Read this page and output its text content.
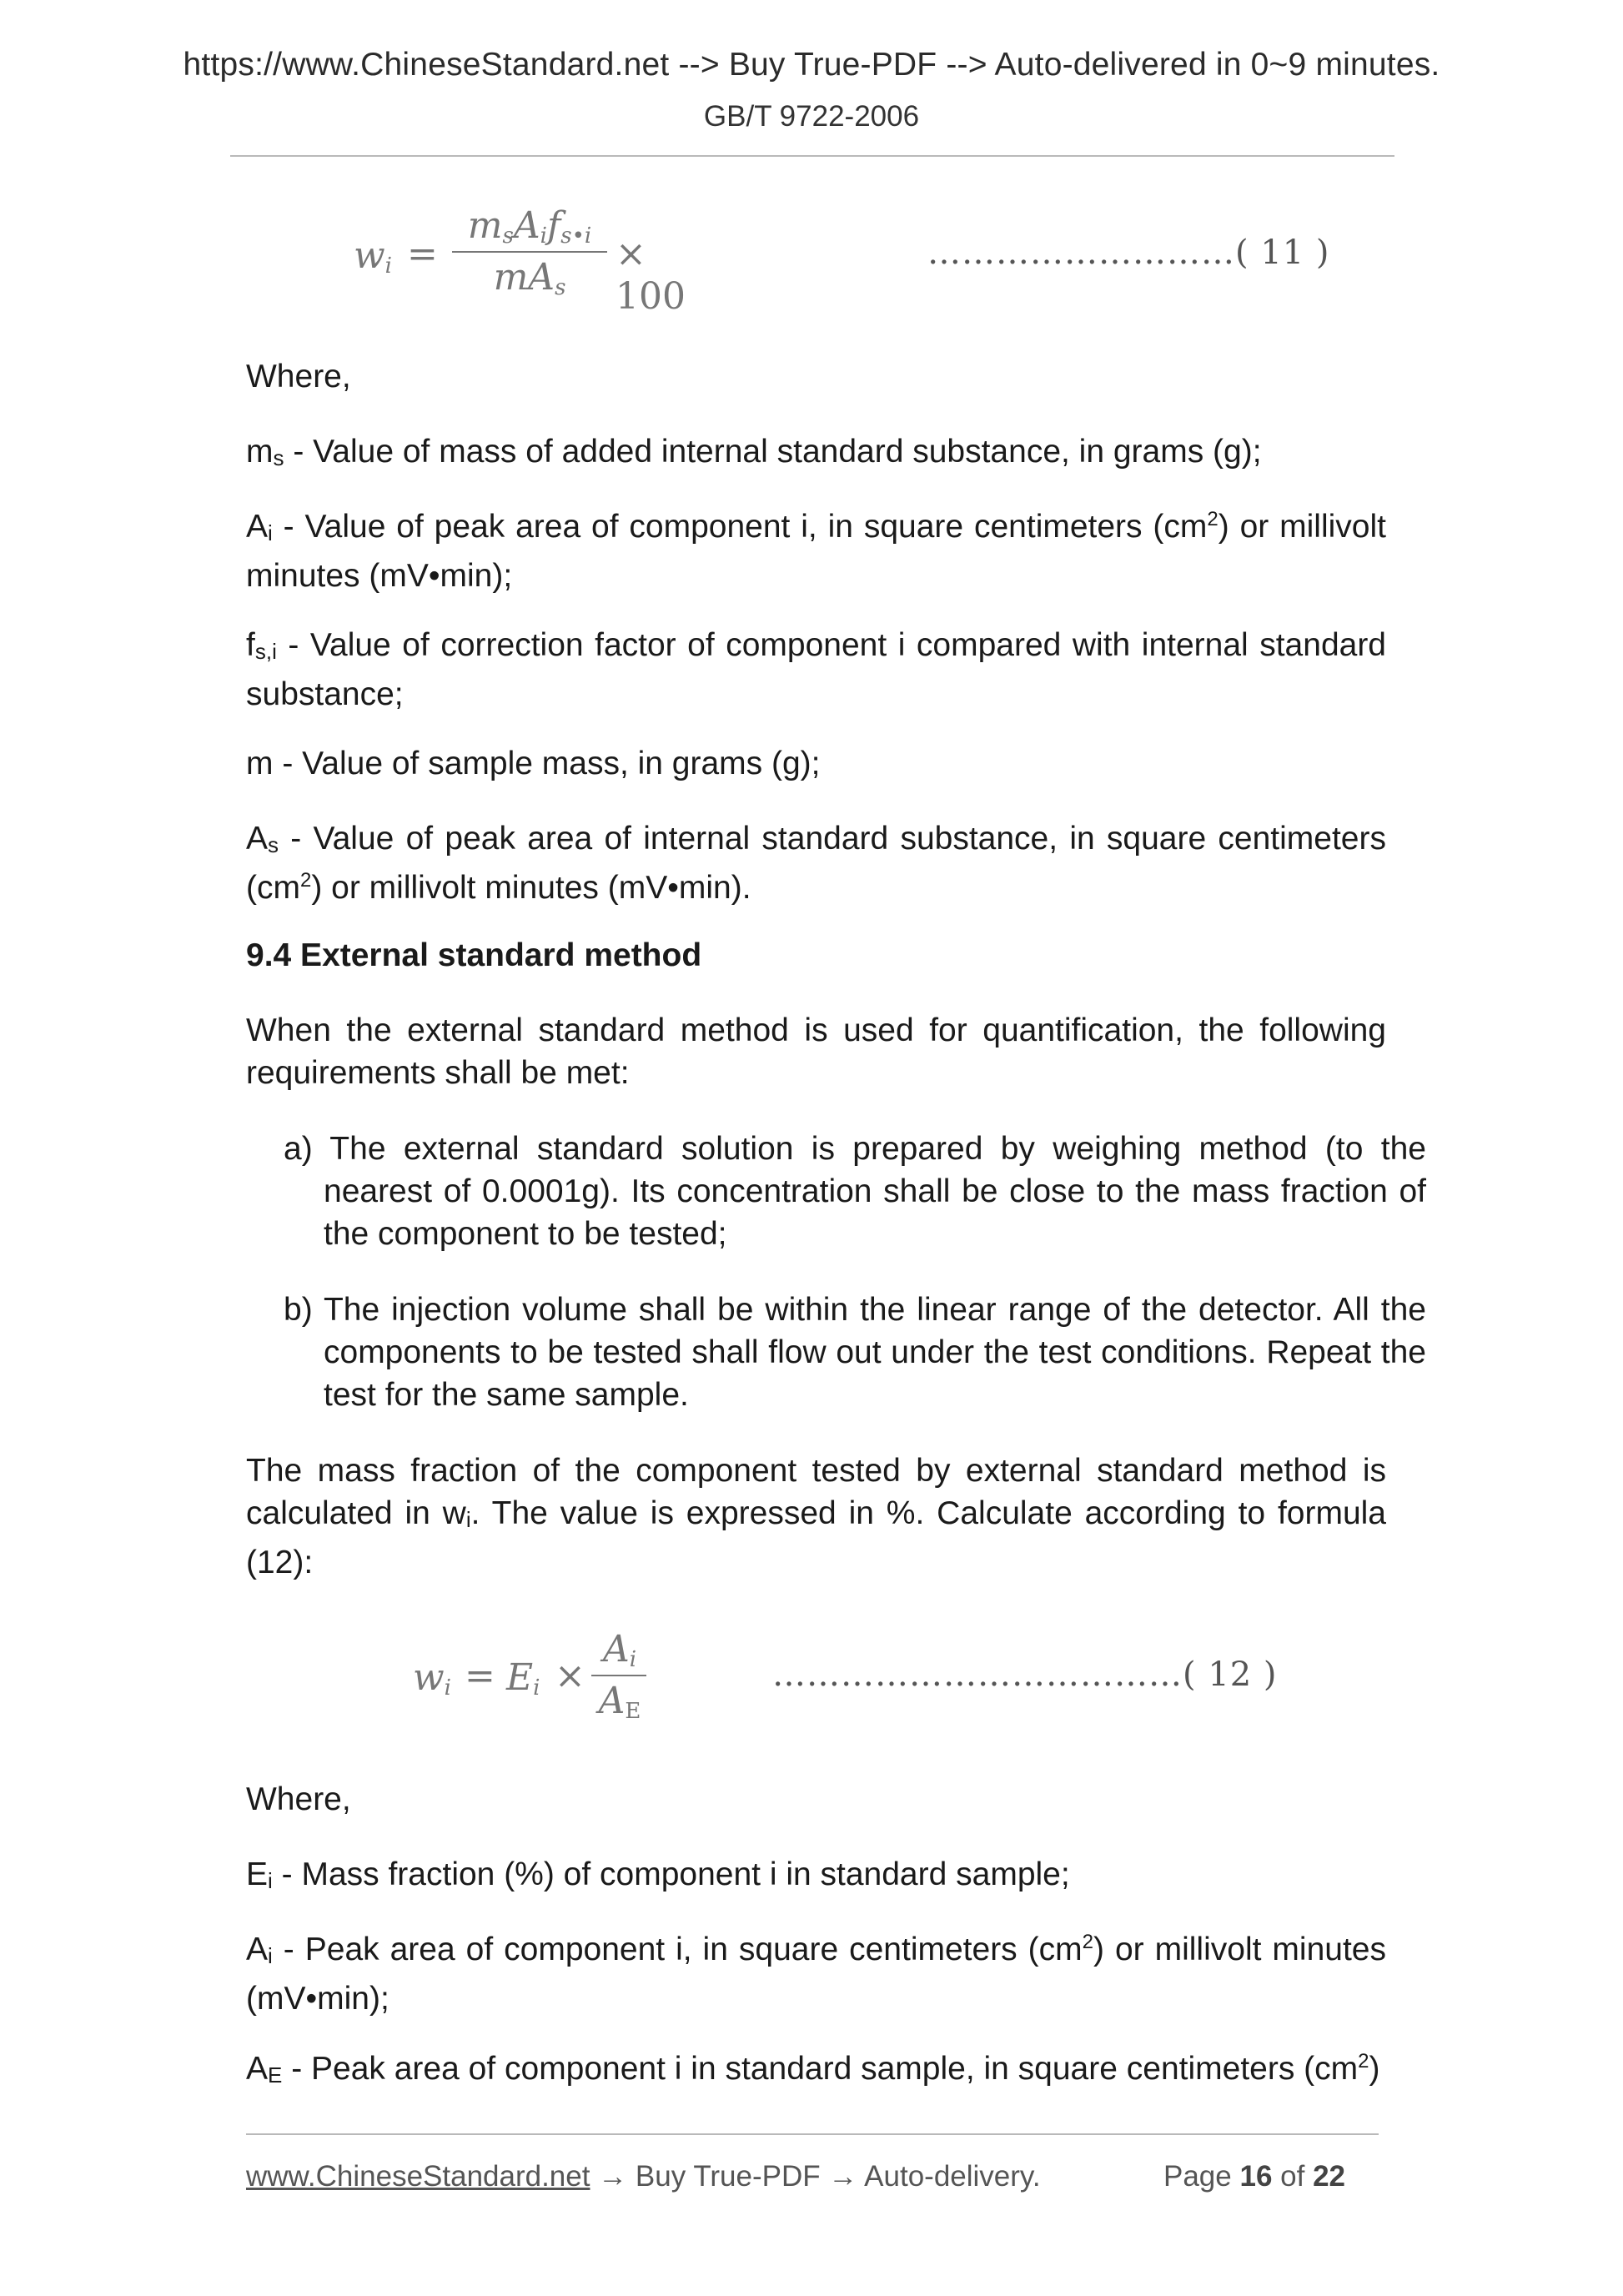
https://www.ChineseStandard.net --> Buy True-PDF --> Auto-delivered in 0~9 minutes.
GB/T 9722-2006
$w_i$ =
$m_sA_if_{s•i}$
$mA_s$
× 100
………………………( 11 )
Where,
ms - Value of mass of added internal standard substance, in grams (g);
Ai - Value of peak area of component i, in square centimeters $(cm^2)$ or millivolt minutes (mV•min);
fs,i - Value of correction factor of component i compared with internal standard substance;
m - Value of sample mass, in grams (g);
As - Value of peak area of internal standard substance, in square centimeters $(cm^2)$ or millivolt minutes (mV•min).
9.4 External standard method
When the external standard method is used for quantification, the following requirements shall be met:
a) The external standard solution is prepared by weighing method (to the nearest of 0.0001g). Its concentration shall be close to the mass fraction of the component to be tested;
b) The injection volume shall be within the linear range of the detector. All the components to be tested shall flow out under the test conditions. Repeat the test for the same sample.
The mass fraction of the component tested by external standard method is calculated in wi. The value is expressed in %. Calculate according to formula (12):
$w_i = E_i$ ×
$A_i$
$A_E$
………………………………( 12 )
Where,
Ei - Mass fraction (%) of component i in standard sample;
Ai - Peak area of component i, in square centimeters $(cm^2)$ or millivolt minutes (mV•min);
AE - Peak area of component i in standard sample, in square centimeters $(cm^2)$
www.ChineseStandard.net → Buy True-PDF → Auto-delivery.	Page 16 of 22
